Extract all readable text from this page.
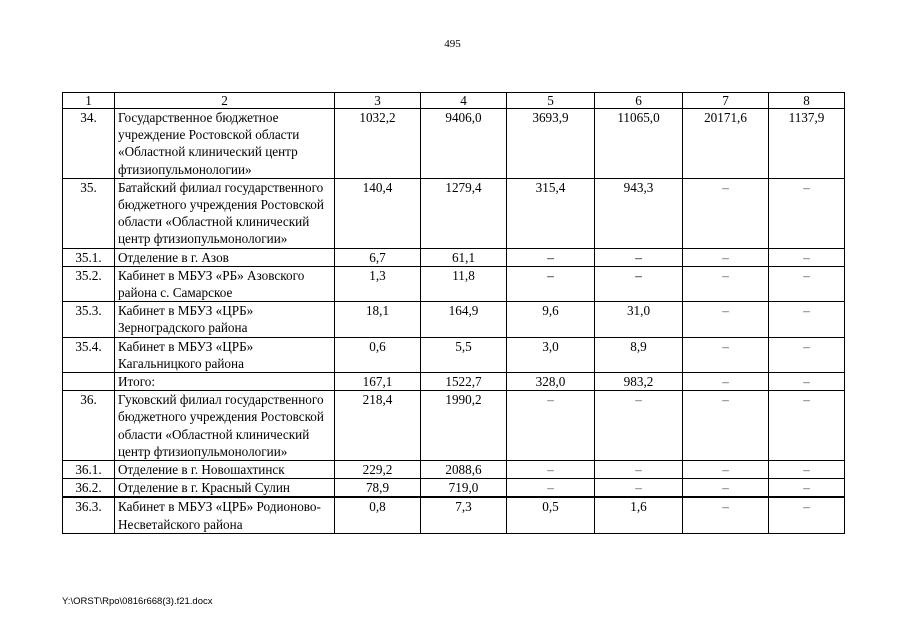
495
1	2	3	4	5	6	7	8
34.	Государственное бюджетное учреждение Ростовской области «Областной клинический центр фтизиопульмонологии»	1032,2	9406,0	3693,9	11065,0	20171,6	1137,9
35.	Батайский филиал государственного бюджетного учреждения Ростовской области «Областной клинический центр фтизиопульмонологии»	140,4	1279,4	315,4	943,3	–	–
35.1.	Отделение в г. Азов	6,7	61,1	–	–	–	–
35.2.	Кабинет в МБУЗ «РБ» Азовского района с. Самарское	1,3	11,8	–	–	–	–
35.3.	Кабинет в МБУЗ «ЦРБ» Зерноградского района	18,1	164,9	9,6	31,0	–	–
35.4.	Кабинет в МБУЗ «ЦРБ» Кагальницкого района	0,6	5,5	3,0	8,9	–	–
	Итого:	167,1	1522,7	328,0	983,2	–	–
36.	Гуковский филиал государственного бюджетного учреждения Ростовской области «Областной клинический центр фтизиопульмонологии»	218,4	1990,2	–	–	–	–
36.1.	Отделение в г. Новошахтинск	229,2	2088,6	–	–	–	–
36.2.	Отделение в г. Красный Сулин	78,9	719,0	–	–	–	–
36.3.	Кабинет в МБУЗ «ЦРБ» Родионово-Несветайского района	0,8	7,3	0,5	1,6	–	–
Y:\ORST\Rpo\0816r668(3).f21.docx
